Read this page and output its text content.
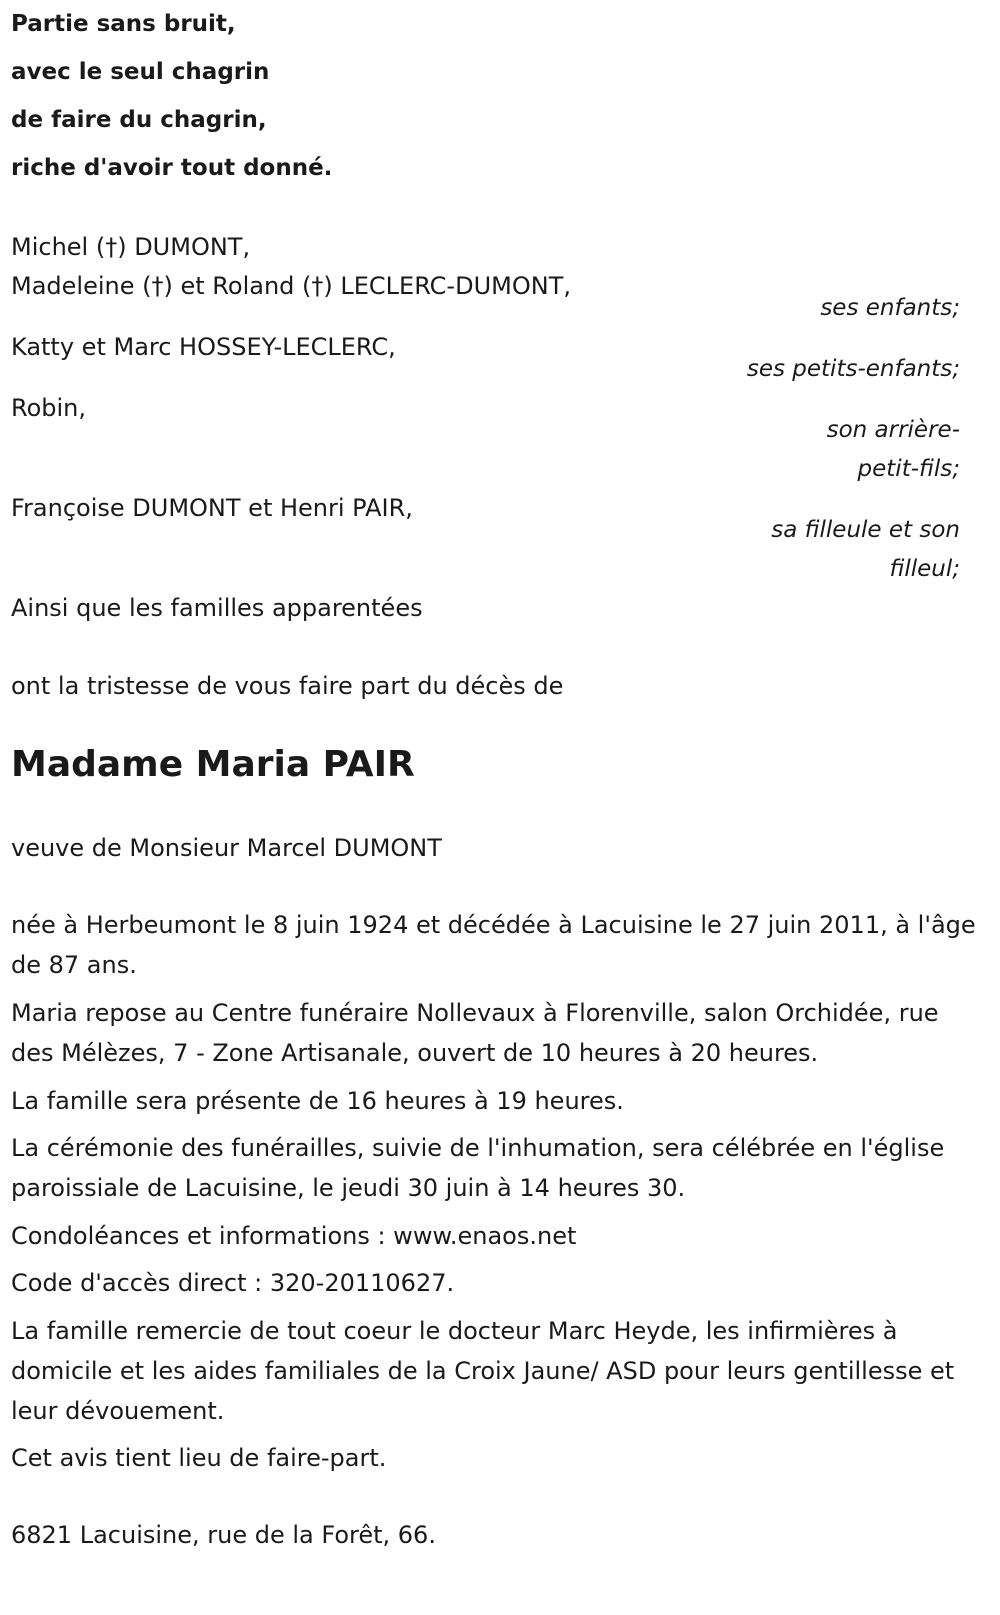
Partie sans bruit,
avec le seul chagrin
de faire du chagrin,
riche d'avoir tout donné.
Michel (†) DUMONT,
Madeleine (†) et Roland (†) LECLERC-DUMONT,
Katty et Marc HOSSEY-LECLERC,
Robin,
Françoise DUMONT et Henri PAIR,
Ainsi que les familles apparentées
ses enfants;
ses petits-enfants;
son arrière-
petit-fils;
sa filleule et son
filleul;
ont la tristesse de vous faire part du décès de
Madame Maria PAIR
veuve de Monsieur Marcel DUMONT
née à Herbeumont le 8 juin 1924 et décédée à Lacuisine le 27 juin 2011, à l'âge de 87 ans.
Maria repose au Centre funéraire Nollevaux à Florenville, salon Orchidée, rue des Mélèzes, 7 - Zone Artisanale, ouvert de 10 heures à 20 heures.
La famille sera présente de 16 heures à 19 heures.
La cérémonie des funérailles, suivie de l'inhumation, sera célébrée en l'église paroissiale de Lacuisine, le jeudi 30 juin à 14 heures 30.
Condoléances et informations : www.enaos.net
Code d'accès direct : 320-20110627.
La famille remercie de tout coeur le docteur Marc Heyde, les infirmières à domicile et les aides familiales de la Croix Jaune/ ASD pour leurs gentillesse et leur dévouement.
Cet avis tient lieu de faire-part.
6821 Lacuisine, rue de la Forêt, 66.
